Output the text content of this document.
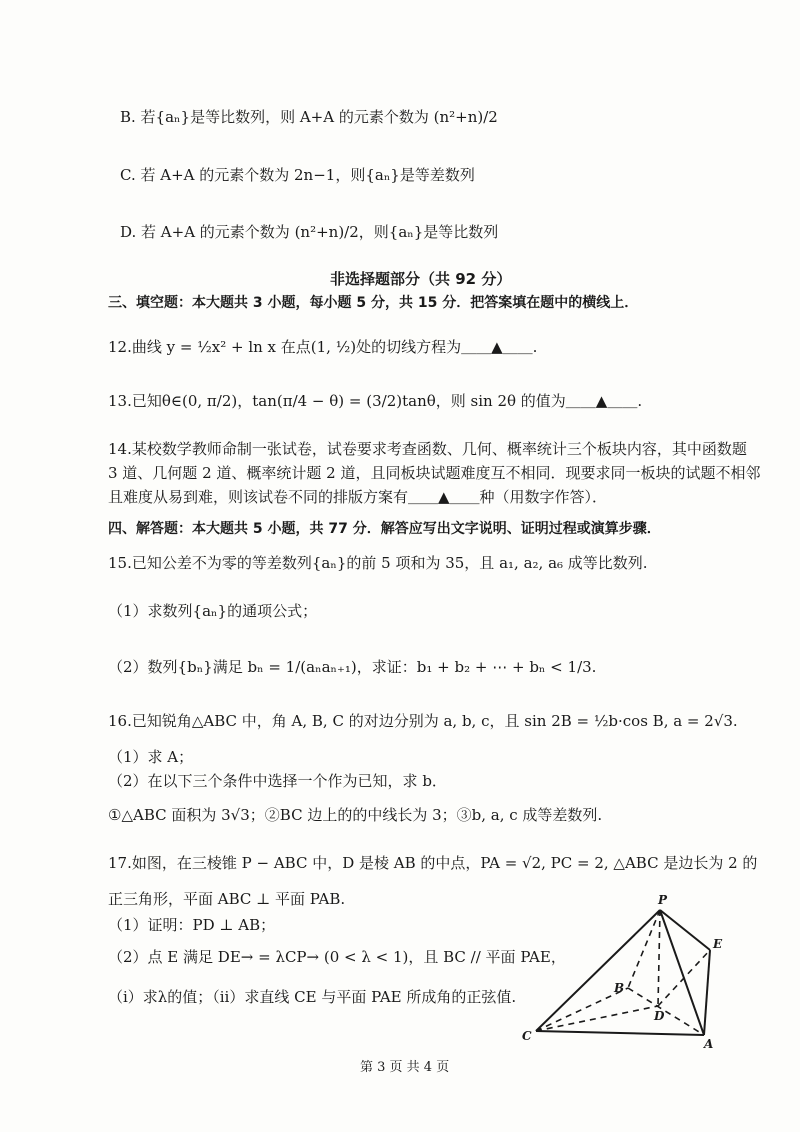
B. 若{aₙ}是等比数列，则 A+A 的元素个数为 (n²+n)/2
C. 若 A+A 的元素个数为 2n−1，则{aₙ}是等差数列
D. 若 A+A 的元素个数为 (n²+n)/2，则{aₙ}是等比数列
非选择题部分（共 92 分）
三、填空题：本大题共 3 小题，每小题 5 分，共 15 分．把答案填在题中的横线上．
12.曲线 y = ½x² + ln x 在点(1, ½)处的切线方程为＿＿▲＿＿.
13.已知θ∈(0, π/2)，tan(π/4 − θ) = (3/2)tanθ，则 sin 2θ 的值为＿＿▲＿＿.
14.某校数学教师命制一张试卷，试卷要求考查函数、几何、概率统计三个板块内容，其中函数题
3 道、几何题 2 道、概率统计题 2 道，且同板块试题难度互不相同．现要求同一板块的试题不相邻
且难度从易到难，则该试卷不同的排版方案有＿＿▲＿＿种（用数字作答）．
四、解答题：本大题共 5 小题，共 77 分．解答应写出文字说明、证明过程或演算步骤．
15.已知公差不为零的等差数列{aₙ}的前 5 项和为 35，且 a₁, a₂, a₆ 成等比数列.
（1）求数列{aₙ}的通项公式；
（2）数列{bₙ}满足 bₙ = 1/(aₙaₙ₊₁)，求证：b₁ + b₂ + ⋯ + bₙ < 1/3.
16.已知锐角△ABC 中，角 A, B, C 的对边分别为 a, b, c，且 sin 2B = ½b·cos B, a = 2√3.
（1）求 A；
（2）在以下三个条件中选择一个作为已知，求 b．
①△ABC 面积为 3√3；②BC 边上的的中线长为 3；③b, a, c 成等差数列.
17.如图，在三棱锥 P − ABC 中，D 是棱 AB 的中点，PA = √2, PC = 2, △ABC 是边长为 2 的
正三角形，平面 ABC ⊥ 平面 PAB.
（1）证明：PD ⊥ AB；
（2）点 E 满足 DE→ = λCP→ (0 < λ < 1)，且 BC // 平面 PAE，
（ⅰ）求λ的值；（ⅱ）求直线 CE 与平面 PAE 所成角的正弦值.
P
E
B
D
C
A
第 3 页 共 4 页
